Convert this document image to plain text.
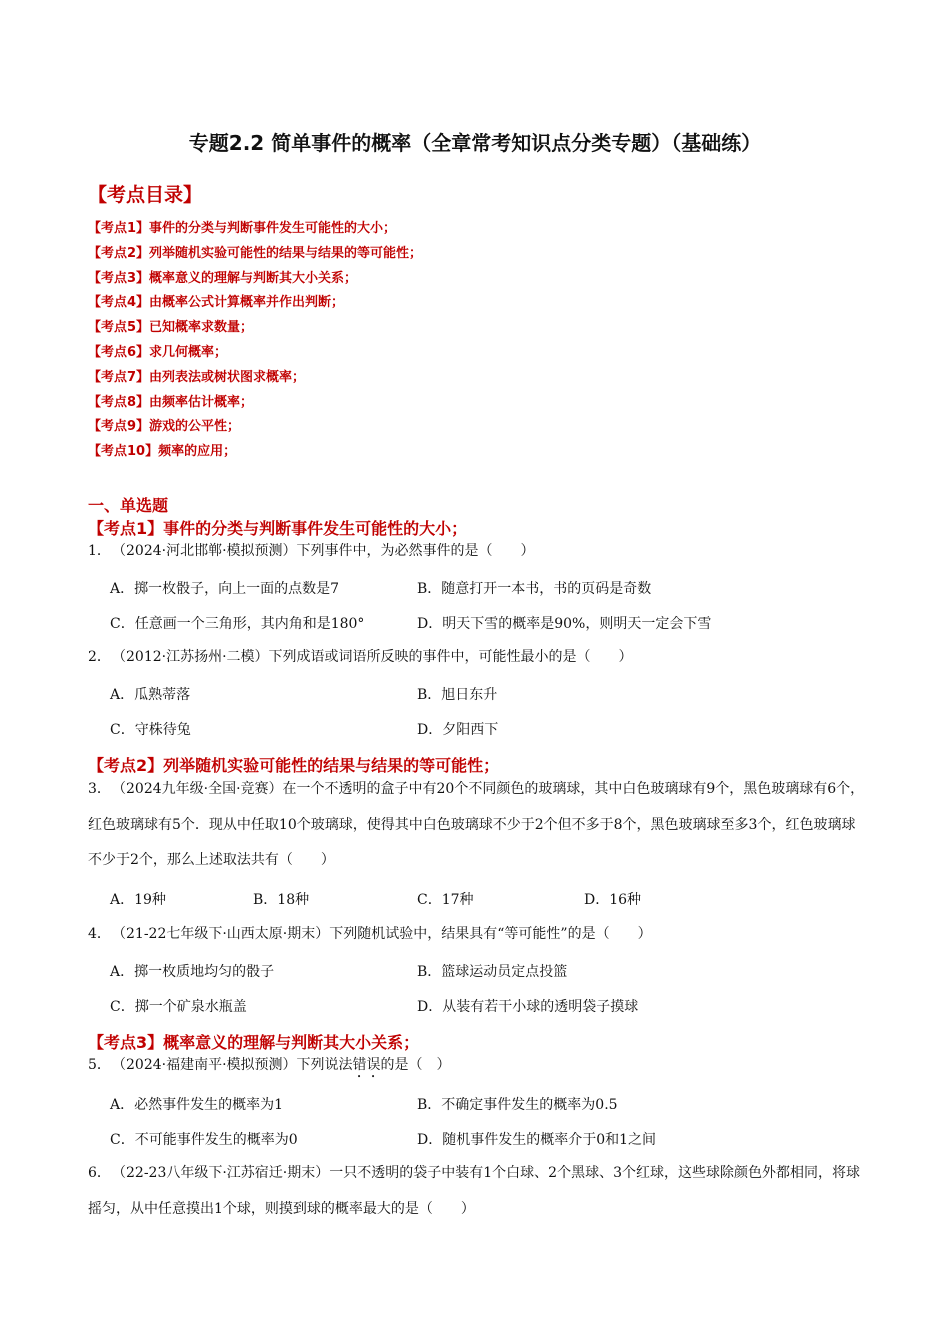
专题2.2 简单事件的概率（全章常考知识点分类专题）（基础练）
【考点目录】
【考点1】事件的分类与判断事件发生可能性的大小；
【考点2】列举随机实验可能性的结果与结果的等可能性；
【考点3】概率意义的理解与判断其大小关系；
【考点4】由概率公式计算概率并作出判断；
【考点5】已知概率求数量；
【考点6】求几何概率；
【考点7】由列表法或树状图求概率；
【考点8】由频率估计概率；
【考点9】游戏的公平性；
【考点10】频率的应用；
一、单选题
【考点1】事件的分类与判断事件发生可能性的大小；
1．（2024·河北邯郸·模拟预测）下列事件中，为必然事件的是（　　）
A．掷一枚骰子，向上一面的点数是7	B．随意打开一本书，书的页码是奇数
C．任意画一个三角形，其内角和是180°	D．明天下雪的概率是90%，则明天一定会下雪
2．（2012·江苏扬州·二模）下列成语或词语所反映的事件中，可能性最小的是（　　）
A．瓜熟蒂落	B．旭日东升
C．守株待兔	D．夕阳西下
【考点2】列举随机实验可能性的结果与结果的等可能性；
3．（2024九年级·全国·竞赛）在一个不透明的盒子中有20个不同颜色的玻璃球，其中白色玻璃球有9个，黑色玻璃球有6个，红色玻璃球有5个．现从中任取10个玻璃球，使得其中白色玻璃球不少于2个但不多于8个，黑色玻璃球至多3个，红色玻璃球不少于2个，那么上述取法共有（　　）
A．19种	B．18种	C．17种	D．16种
4．（21-22七年级下·山西太原·期末）下列随机试验中，结果具有“等可能性”的是（　　）
A．掷一枚质地均匀的骰子	B．篮球运动员定点投篮
C．掷一个矿泉水瓶盖	D．从装有若干小球的透明袋子摸球
【考点3】概率意义的理解与判断其大小关系；
5．（2024·福建南平·模拟预测）下列说法错误的是（　）
A．必然事件发生的概率为1	B．不确定事件发生的概率为0.5
C．不可能事件发生的概率为0	D．随机事件发生的概率介于0和1之间
6．（22-23八年级下·江苏宿迁·期末）一只不透明的袋子中装有1个白球、2个黑球、3个红球，这些球除颜色外都相同，将球摇匀，从中任意摸出1个球，则摸到球的概率最大的是（　　）
